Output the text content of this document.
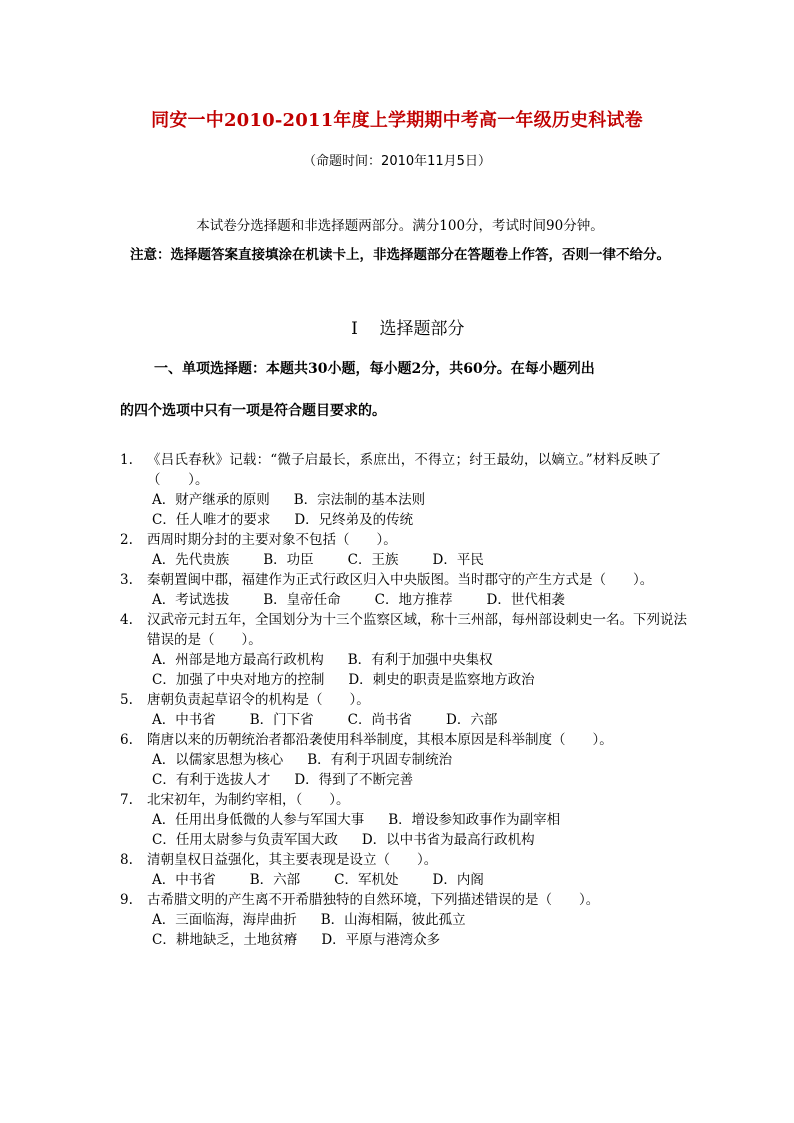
同安一中2010-2011年度上学期期中考高一年级历史科试卷
（命题时间：2010年11月5日）
本试卷分选择题和非选择题两部分。满分100分，考试时间90分钟。
注意：选择题答案直接填涂在机读卡上，非选择题部分在答题卷上作答，否则一律不给分。
I 选择题部分
一、单项选择题：本题共30小题，每小题2分，共60分。在每小题列出
的四个选项中只有一项是符合题目要求的。
1. 《吕氏春秋》记载：“微子启最长，系庶出，不得立；纣王最幼，以嫡立。”材料反映了（　　）。
A．财产继承的原则 B．宗法制的基本法则
C．任人唯才的要求 D．兄终弟及的传统
2. 西周时期分封的主要对象不包括（　　）。
A．先代贵族	B．功臣	C．王族	D．平民
3. 秦朝置闽中郡，福建作为正式行政区归入中央版图。当时郡守的产生方式是（　　）。
A．考试选拔	B．皇帝任命	C．地方推荐	D．世代相袭
4. 汉武帝元封五年，全国划分为十三个监察区域，称十三州部，每州部设刺史一名。下列说法错误的是（　　）。
A．州部是地方最高行政机构 B．有利于加强中央集权
C．加强了中央对地方的控制 D．刺史的职责是监察地方政治
5. 唐朝负责起草诏令的机构是（　　）。
A．中书省	B．门下省	C．尚书省	D．六部
6. 隋唐以来的历朝统治者都沿袭使用科举制度，其根本原因是科举制度（　　）。
A．以儒家思想为核心 B．有利于巩固专制统治
C．有利于选拔人才 D．得到了不断完善
7. 北宋初年，为制约宰相，（　　）。
A．任用出身低微的人参与军国大事 B．增设参知政事作为副宰相
C．任用太尉参与负责军国大政 D．以中书省为最高行政机构
8. 清朝皇权日益强化，其主要表现是设立（　　）。
A．中书省	B．六部	C．军机处	D．内阁
9. 古希腊文明的产生离不开希腊独特的自然环境，下列描述错误的是（　　）。
A．三面临海，海岸曲折 B．山海相隔，彼此孤立
C．耕地缺乏，土地贫瘠 D．平原与港湾众多
